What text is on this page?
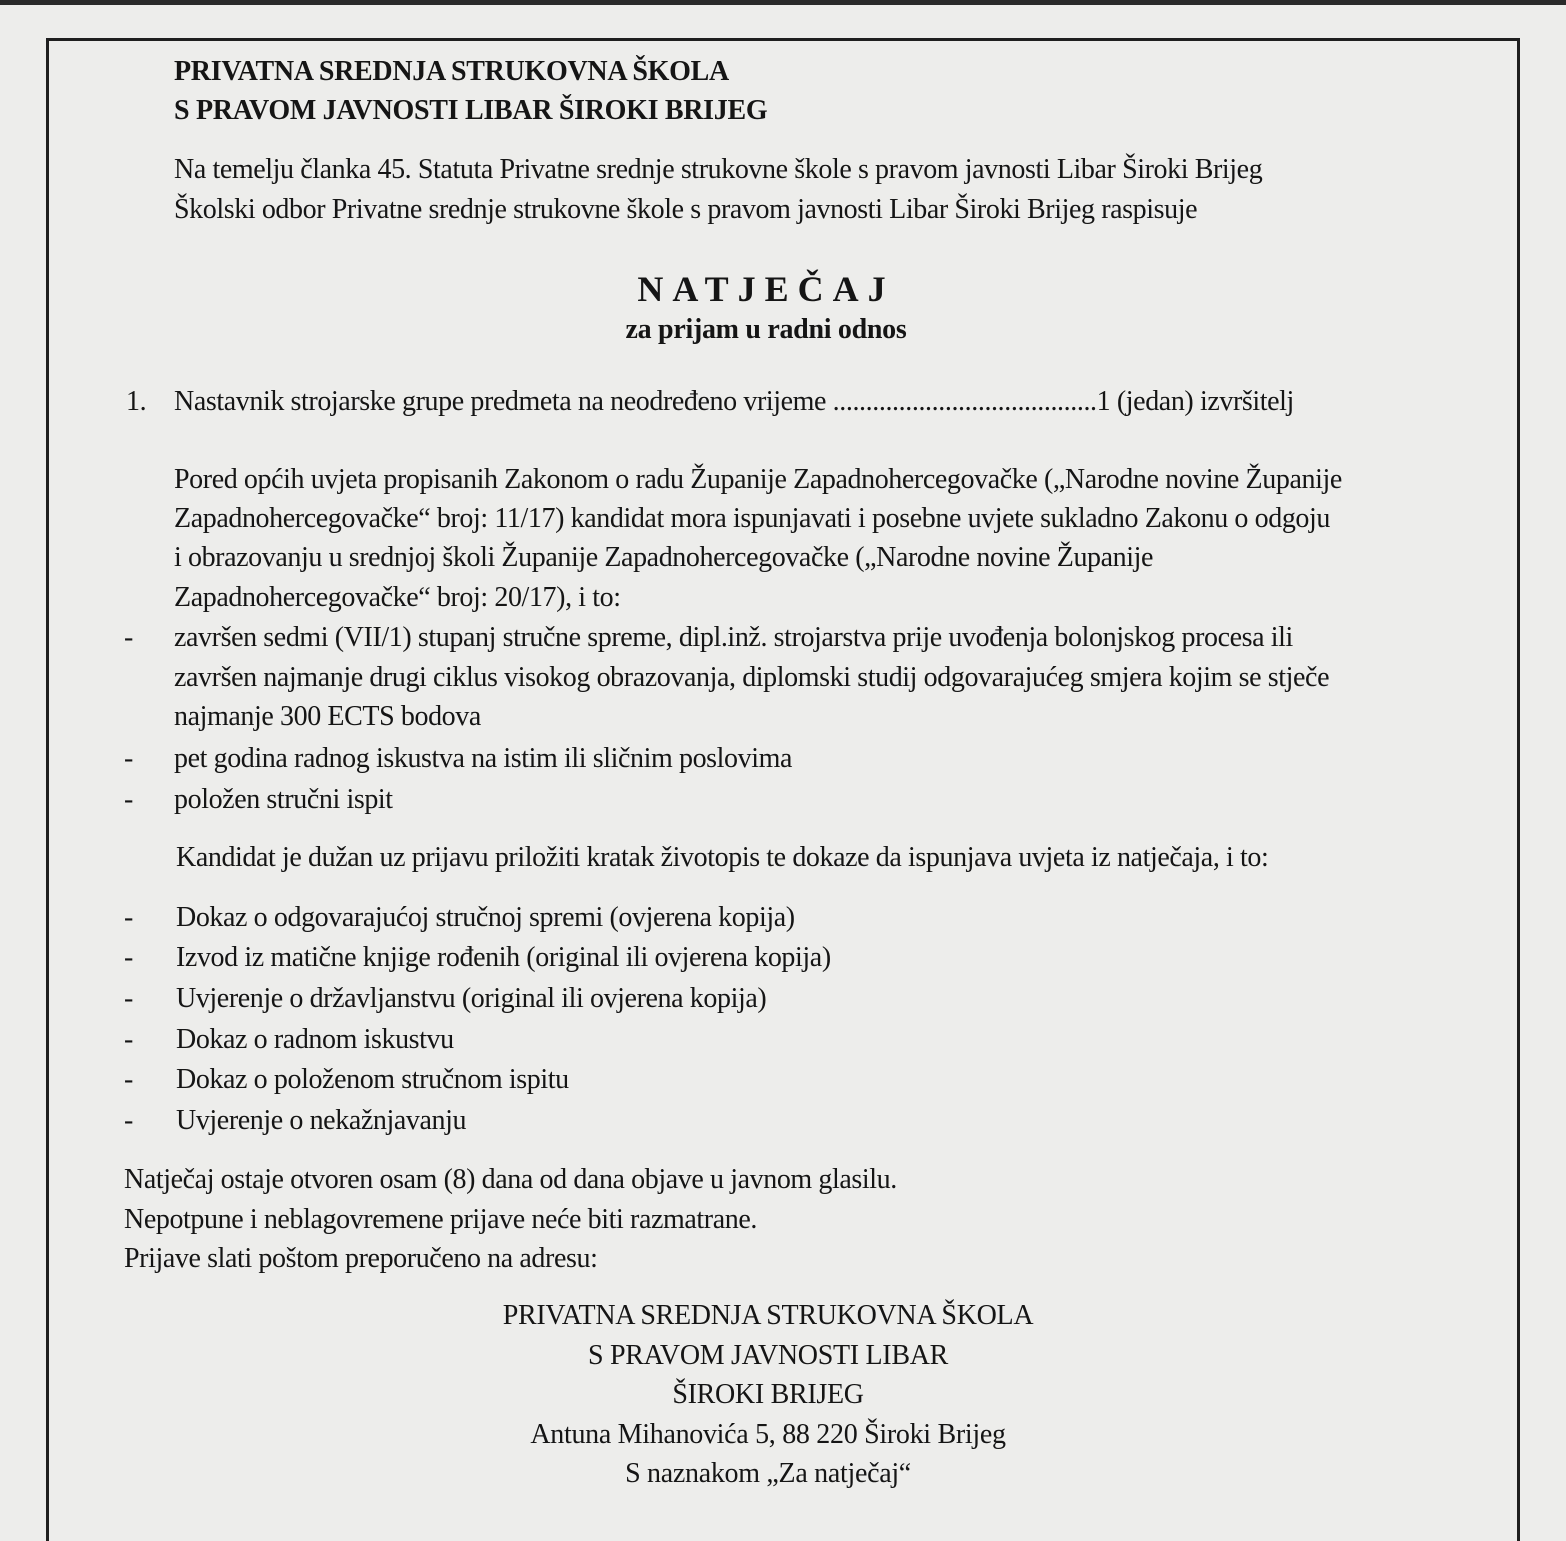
PRIVATNA SREDNJA STRUKOVNA ŠKOLA
S PRAVOM JAVNOSTI LIBAR ŠIROKI BRIJEG
Na temelju članka 45. Statuta Privatne srednje strukovne škole s pravom javnosti Libar Široki Brijeg
Školski odbor Privatne srednje strukovne škole s pravom javnosti Libar Široki Brijeg raspisuje
NATJEČAJ
za prijam u radni odnos
1. Nastavnik strojarske grupe predmeta na neodređeno vrijeme ........................................1 (jedan) izvršitelj
Pored općih uvjeta propisanih Zakonom o radu Županije Zapadnohercegovačke („Narodne novine Županije
Zapadnohercegovačke“ broj: 11/17) kandidat mora ispunjavati i posebne uvjete sukladno Zakonu o odgoju
i obrazovanju u srednjoj školi Županije Zapadnohercegovačke („Narodne novine Županije
Zapadnohercegovačke“ broj: 20/17), i to:
- završen sedmi (VII/1) stupanj stručne spreme, dipl.inž. strojarstva prije uvođenja bolonjskog procesa ili
završen najmanje drugi ciklus visokog obrazovanja, diplomski studij odgovarajućeg smjera kojim se stječe
najmanje 300 ECTS bodova
- pet godina radnog iskustva na istim ili sličnim poslovima
- položen stručni ispit
Kandidat je dužan uz prijavu priložiti kratak životopis te dokaze da ispunjava uvjeta iz natječaja, i to:
- Dokaz o odgovarajućoj stručnoj spremi (ovjerena kopija)
- Izvod iz matične knjige rođenih (original ili ovjerena kopija)
- Uvjerenje o državljanstvu (original ili ovjerena kopija)
- Dokaz o radnom iskustvu
- Dokaz o položenom stručnom ispitu
- Uvjerenje o nekažnjavanju
Natječaj ostaje otvoren osam (8) dana od dana objave u javnom glasilu.
Nepotpune i neblagovremene prijave neće biti razmatrane.
Prijave slati poštom preporučeno na adresu:
PRIVATNA SREDNJA STRUKOVNA ŠKOLA
S PRAVOM JAVNOSTI LIBAR
ŠIROKI BRIJEG
Antuna Mihanovića 5, 88 220 Široki Brijeg
S naznakom „Za natječaj“
